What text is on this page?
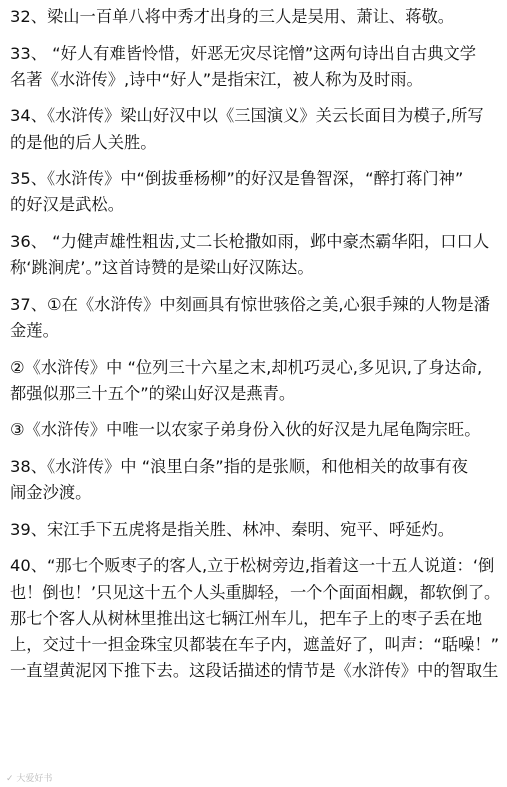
32、梁山一百单八将中秀才出身的三人是吴用、萧让、蒋敬。
33、 “好人有难皆怜惜，奸恶无灾尽诧憎”这两句诗出自古典文学
名著《水浒传》,诗中“好人”是指宋江，被人称为及时雨。
34、《水浒传》梁山好汉中以《三国演义》关云长面目为模子,所写
的是他的后人关胜。
35、《水浒传》中“倒拔垂杨柳”的好汉是鲁智深，“醉打蒋门神”
的好汉是武松。
36、 “力健声雄性粗齿,丈二长枪撒如雨，邺中豪杰霸华阳，口口人
称‘跳涧虎’。”这首诗赞的是梁山好汉陈达。
37、①在《水浒传》中刻画具有惊世骇俗之美,心狠手辣的人物是潘
金莲。
②《水浒传》中 “位列三十六星之末,却机巧灵心,多见识,了身达命,
都强似那三十五个”的梁山好汉是燕青。
③《水浒传》中唯一以农家子弟身份入伙的好汉是九尾龟陶宗旺。
38、《水浒传》中 “浪里白条”指的是张顺，和他相关的故事有夜
闹金沙渡。
39、宋江手下五虎将是指关胜、林冲、秦明、宛平、呼延灼。
40、“那七个贩枣子的客人,立于松树旁边,指着这一十五人说道：‘倒
也！倒也！’只见这十五个人头重脚轻，一个个面面相觑，都软倒了。
那七个客人从树林里推出这七辆江州车儿，把车子上的枣子丢在地
上，交过十一担金珠宝贝都装在车子内，遮盖好了，叫声：“聒噪！”
一直望黄泥冈下推下去。这段话描述的情节是《水浒传》中的智取生
✓ 大爱好书
